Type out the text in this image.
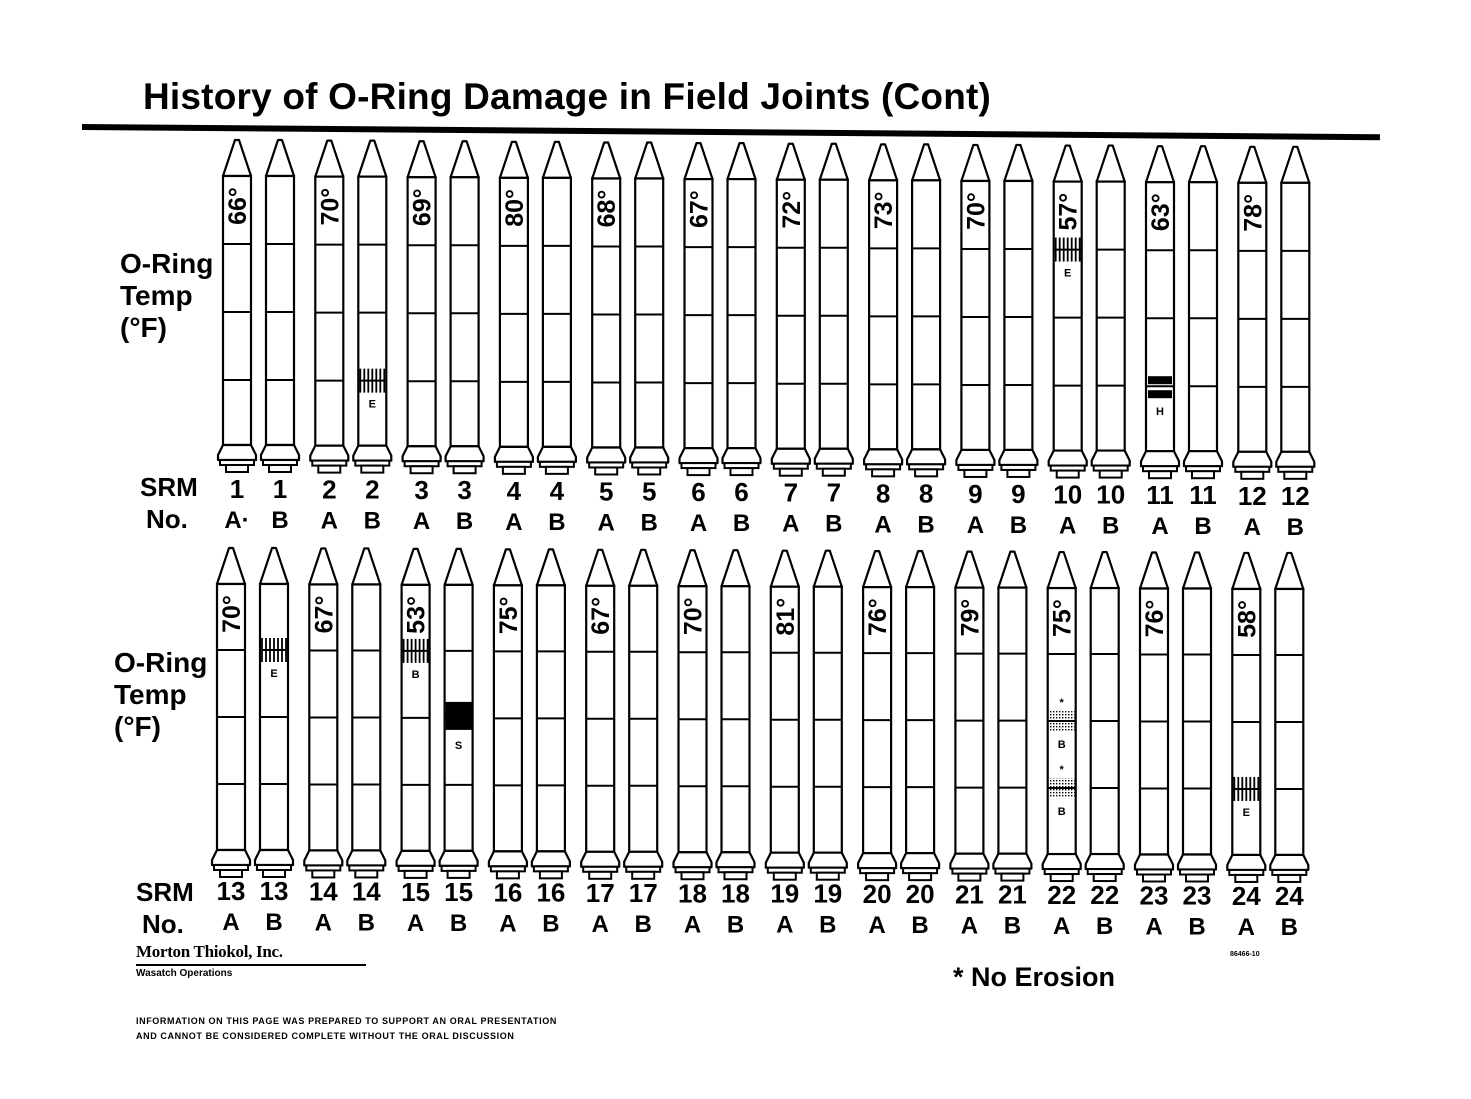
History of O-Ring Damage in Field Joints (Cont)
O-Ring
Temp
(°F)
SRM
No.
O-Ring
Temp
(°F)
SRM
No.
66°
1
A·
1
B
70°
2
A
E
2
B
69°
3
A
3
B
80°
4
A
4
B
68°
5
A
5
B
67°
6
A
6
B
72°
7
A
7
B
73°
8
A
8
B
70°
9
A
9
B
57°
E
10
A
10
B
63°
H
11
A
11
B
78°
12
A
12
B
70°
13
A
E
13
B
67°
14
A
14
B
53°
B
15
A
S
15
B
75°
16
A
16
B
67°
17
A
17
B
70°
18
A
18
B
81°
19
A
19
B
76°
20
A
20
B
79°
21
A
21
B
75°
*
B
*
B
22
A
22
B
76°
23
A
23
B
58°
E
24
A
24
B
Morton Thiokol, Inc.
Wasatch Operations	* No Erosion
86466-10
INFORMATION ON THIS PAGE WAS PREPARED TO SUPPORT AN ORAL PRESENTATION
AND CANNOT BE CONSIDERED COMPLETE WITHOUT THE ORAL DISCUSSION
